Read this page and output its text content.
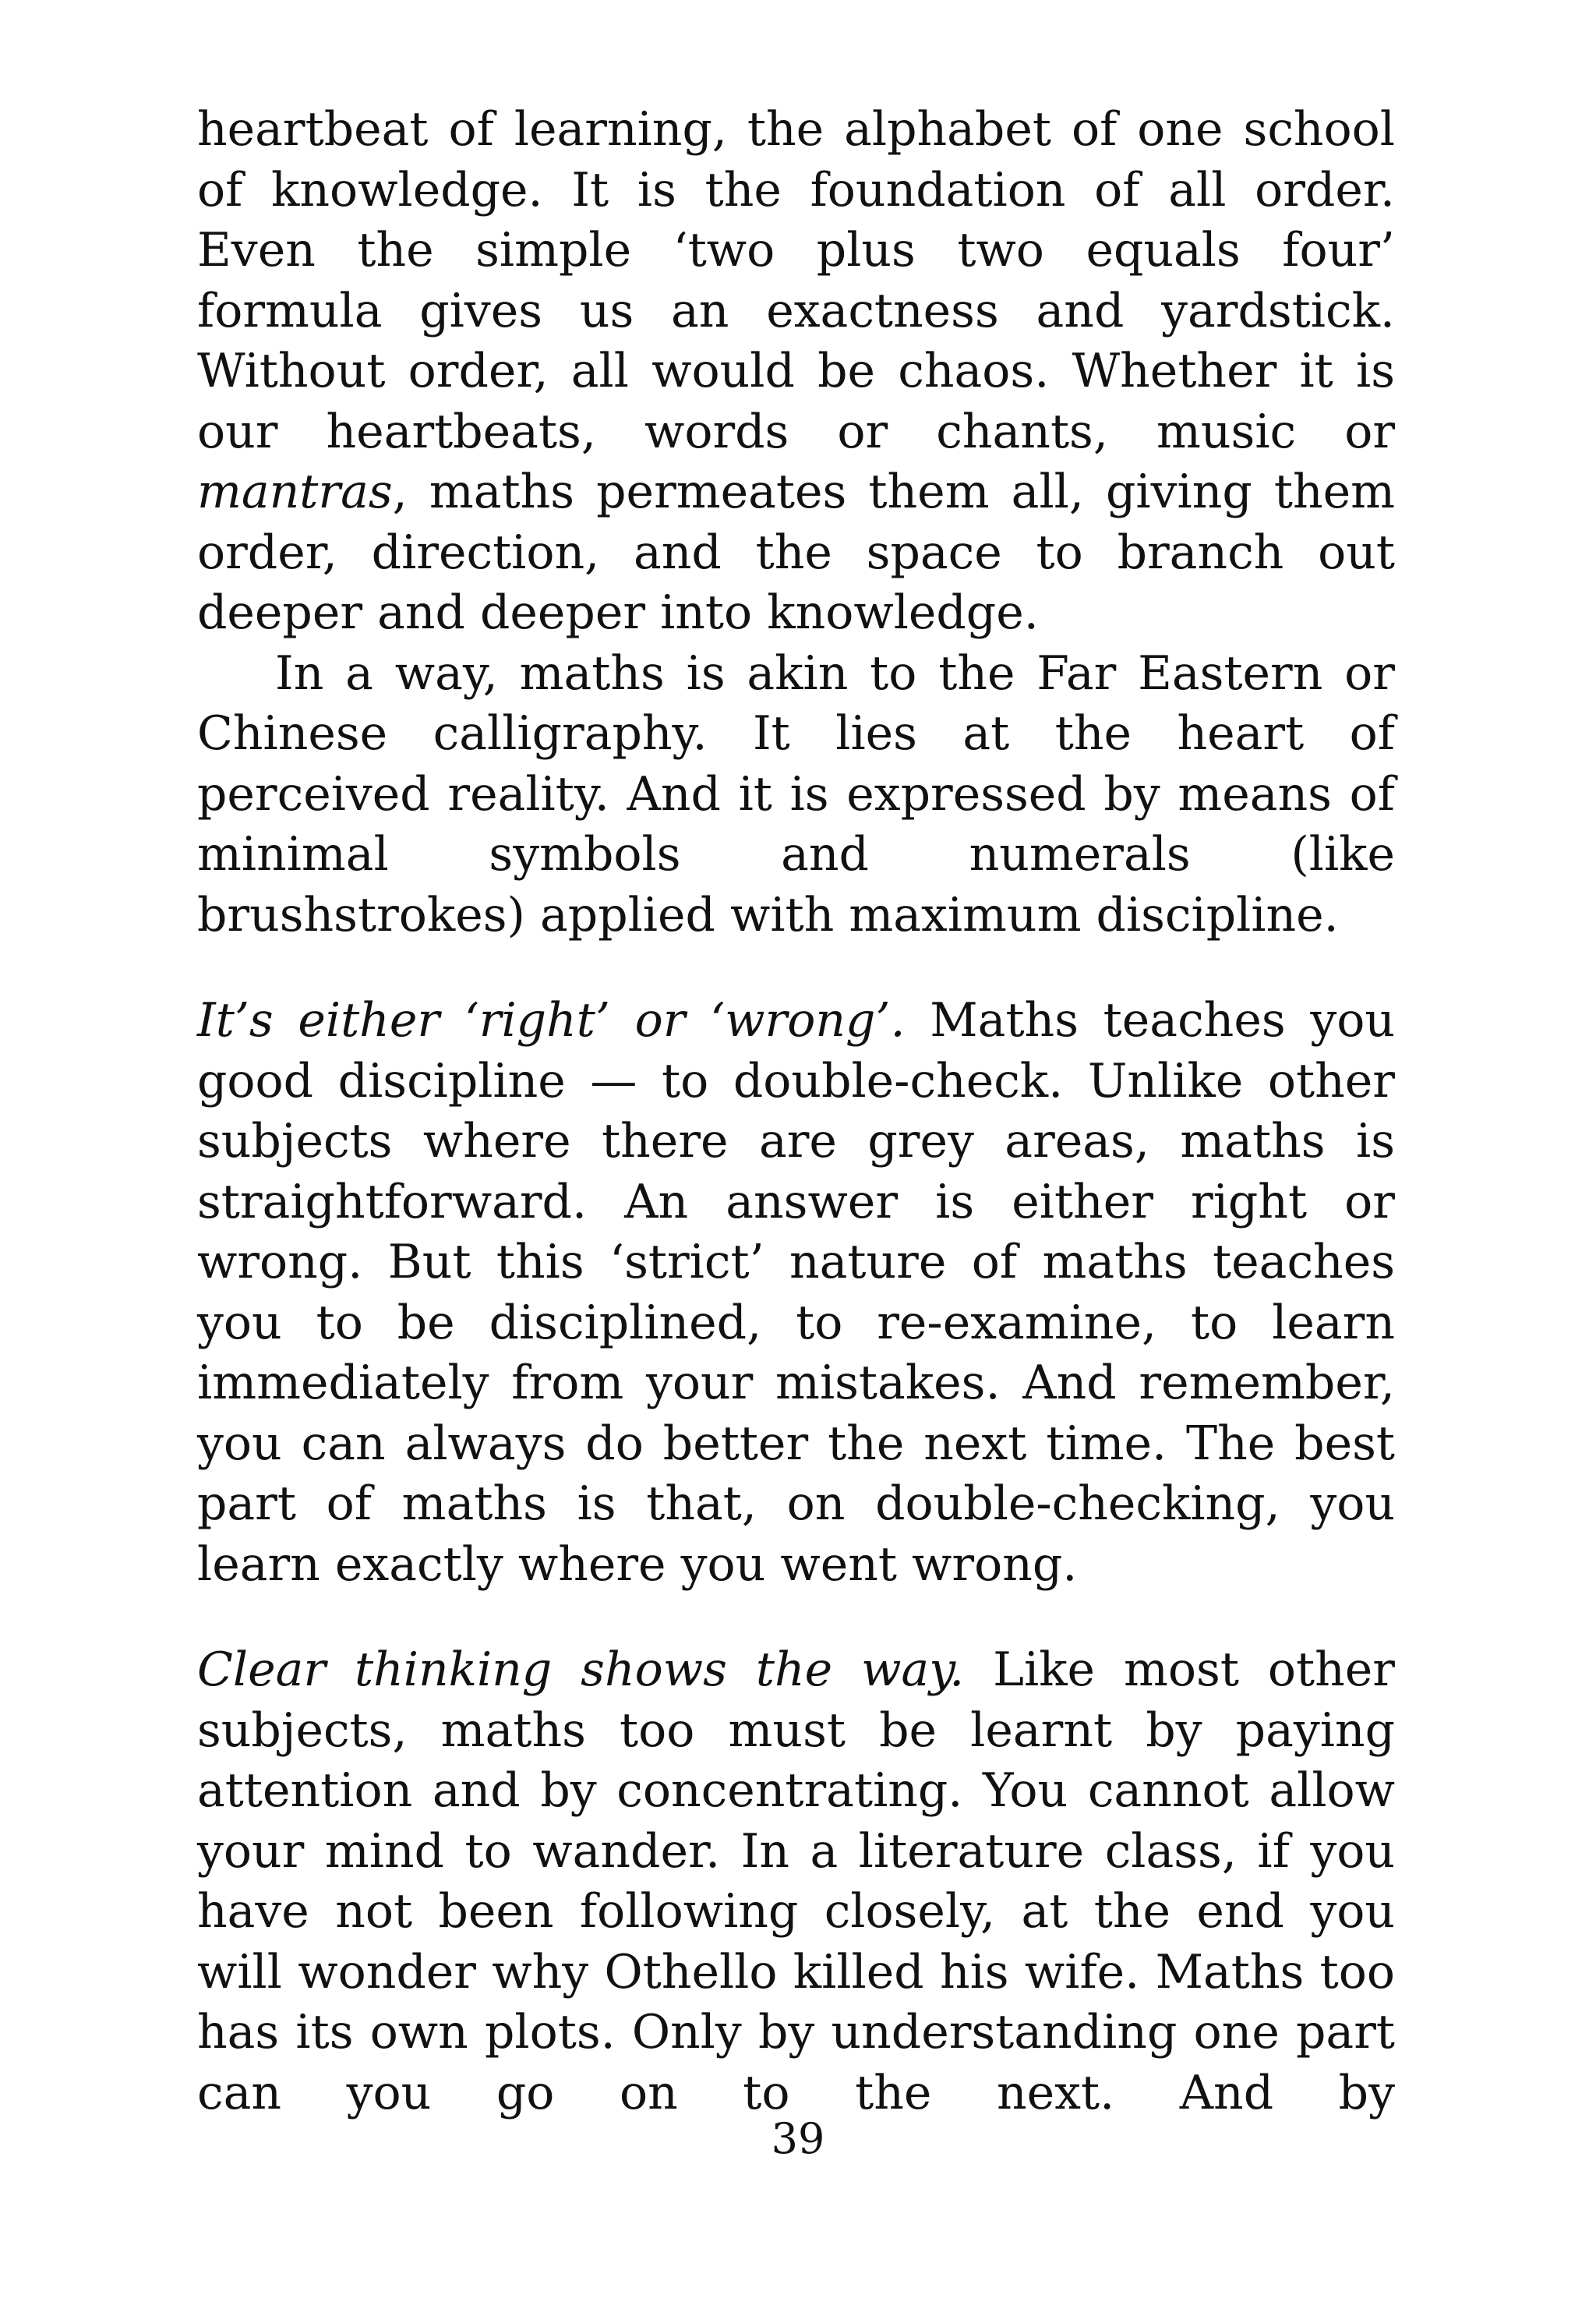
heartbeat of learning, the alphabet of one school of knowledge. It is the foundation of all order. Even the simple ‘two plus two equals four’ formula gives us an exactness and yardstick. Without order, all would be chaos. Whether it is our heartbeats, words or chants, music or mantras, maths permeates them all, giving them order, direction, and the space to branch out deeper and deeper into knowledge.

In a way, maths is akin to the Far Eastern or Chinese calligraphy. It lies at the heart of perceived reality. And it is expressed by means of minimal symbols and numerals (like brushstrokes) applied with maximum discipline.

It’s either ‘right’ or ‘wrong’. Maths teaches you good discipline — to double-check. Unlike other subjects where there are grey areas, maths is straightforward. An answer is either right or wrong. But this ‘strict’ nature of maths teaches you to be disciplined, to re-examine, to learn immediately from your mistakes. And remember, you can always do better the next time. The best part of maths is that, on double-checking, you learn exactly where you went wrong.

Clear thinking shows the way. Like most other subjects, maths too must be learnt by paying attention and by concentrating. You cannot allow your mind to wander. In a literature class, if you have not been following closely, at the end you will wonder why Othello killed his wife. Maths too has its own plots. Only by understanding one part can you go on to the next. And by

39
